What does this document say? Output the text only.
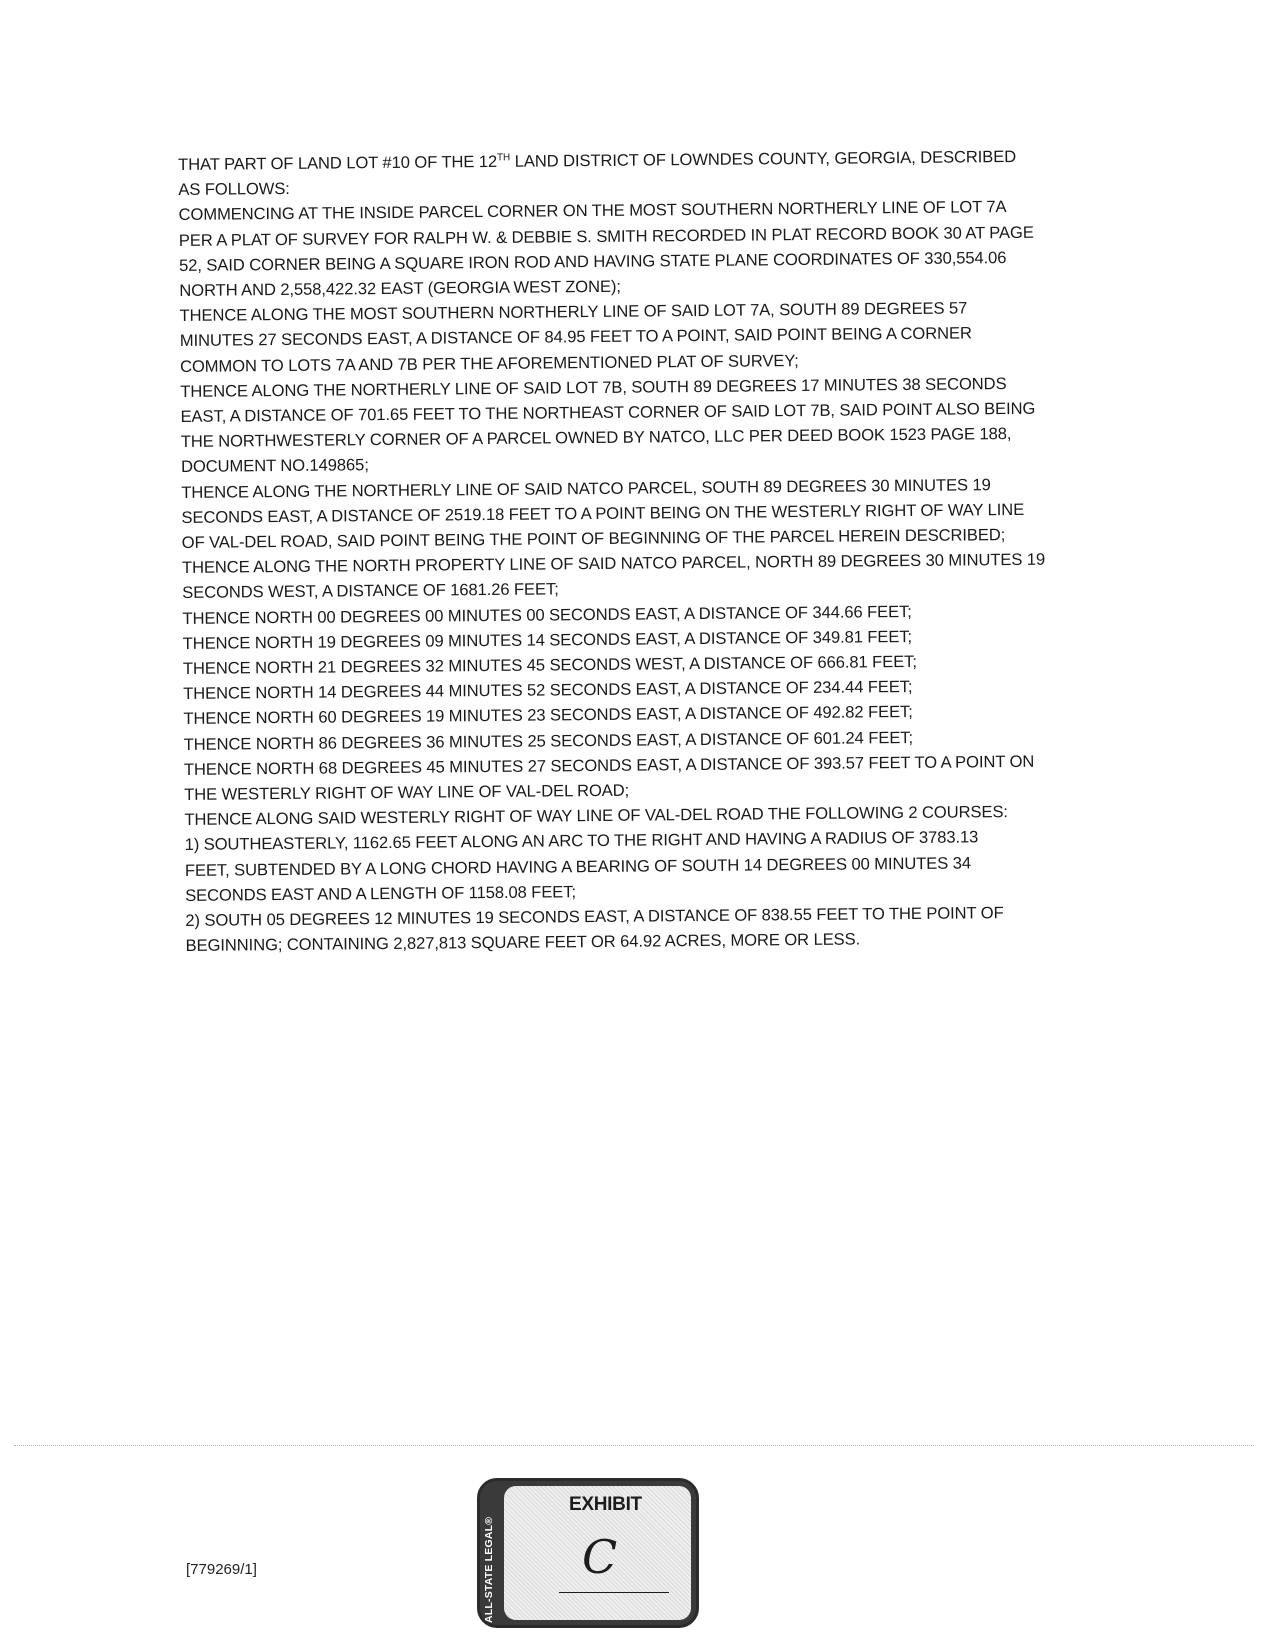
THAT PART OF LAND LOT #10 OF THE 12TH LAND DISTRICT OF LOWNDES COUNTY, GEORGIA, DESCRIBED
AS FOLLOWS:
COMMENCING AT THE INSIDE PARCEL CORNER ON THE MOST SOUTHERN NORTHERLY LINE OF LOT 7A
PER A PLAT OF SURVEY FOR RALPH W. & DEBBIE S. SMITH RECORDED IN PLAT RECORD BOOK 30 AT PAGE
52, SAID CORNER BEING A SQUARE IRON ROD AND HAVING STATE PLANE COORDINATES OF 330,554.06
NORTH AND 2,558,422.32 EAST (GEORGIA WEST ZONE);
THENCE ALONG THE MOST SOUTHERN NORTHERLY LINE OF SAID LOT 7A, SOUTH 89 DEGREES 57
MINUTES 27 SECONDS EAST, A DISTANCE OF 84.95 FEET TO A POINT, SAID POINT BEING A CORNER
COMMON TO LOTS 7A AND 7B PER THE AFOREMENTIONED PLAT OF SURVEY;
THENCE ALONG THE NORTHERLY LINE OF SAID LOT 7B, SOUTH 89 DEGREES 17 MINUTES 38 SECONDS
EAST, A DISTANCE OF 701.65 FEET TO THE NORTHEAST CORNER OF SAID LOT 7B, SAID POINT ALSO BEING
THE NORTHWESTERLY CORNER OF A PARCEL OWNED BY NATCO, LLC PER DEED BOOK 1523 PAGE 188,
DOCUMENT NO.149865;
THENCE ALONG THE NORTHERLY LINE OF SAID NATCO PARCEL, SOUTH 89 DEGREES 30 MINUTES 19
SECONDS EAST, A DISTANCE OF 2519.18 FEET TO A POINT BEING ON THE WESTERLY RIGHT OF WAY LINE
OF VAL-DEL ROAD, SAID POINT BEING THE POINT OF BEGINNING OF THE PARCEL HEREIN DESCRIBED;
THENCE ALONG THE NORTH PROPERTY LINE OF SAID NATCO PARCEL, NORTH 89 DEGREES 30 MINUTES 19
SECONDS WEST, A DISTANCE OF 1681.26 FEET;
THENCE NORTH 00 DEGREES 00 MINUTES 00 SECONDS EAST, A DISTANCE OF 344.66 FEET;
THENCE NORTH 19 DEGREES 09 MINUTES 14 SECONDS EAST, A DISTANCE OF 349.81 FEET;
THENCE NORTH 21 DEGREES 32 MINUTES 45 SECONDS WEST, A DISTANCE OF 666.81 FEET;
THENCE NORTH 14 DEGREES 44 MINUTES 52 SECONDS EAST, A DISTANCE OF 234.44 FEET;
THENCE NORTH 60 DEGREES 19 MINUTES 23 SECONDS EAST, A DISTANCE OF 492.82 FEET;
THENCE NORTH 86 DEGREES 36 MINUTES 25 SECONDS EAST, A DISTANCE OF 601.24 FEET;
THENCE NORTH 68 DEGREES 45 MINUTES 27 SECONDS EAST, A DISTANCE OF 393.57 FEET TO A POINT ON
THE WESTERLY RIGHT OF WAY LINE OF VAL-DEL ROAD;
THENCE ALONG SAID WESTERLY RIGHT OF WAY LINE OF VAL-DEL ROAD THE FOLLOWING 2 COURSES:
1) SOUTHEASTERLY, 1162.65 FEET ALONG AN ARC TO THE RIGHT AND HAVING A RADIUS OF 3783.13
FEET, SUBTENDED BY A LONG CHORD HAVING A BEARING OF SOUTH 14 DEGREES 00 MINUTES 34
SECONDS EAST AND A LENGTH OF 1158.08 FEET;
2) SOUTH 05 DEGREES 12 MINUTES 19 SECONDS EAST, A DISTANCE OF 838.55 FEET TO THE POINT OF
BEGINNING; CONTAINING 2,827,813 SQUARE FEET OR 64.92 ACRES, MORE OR LESS.
[779269/1]	ALL-STATE LEGAL®
EXHIBIT
C
